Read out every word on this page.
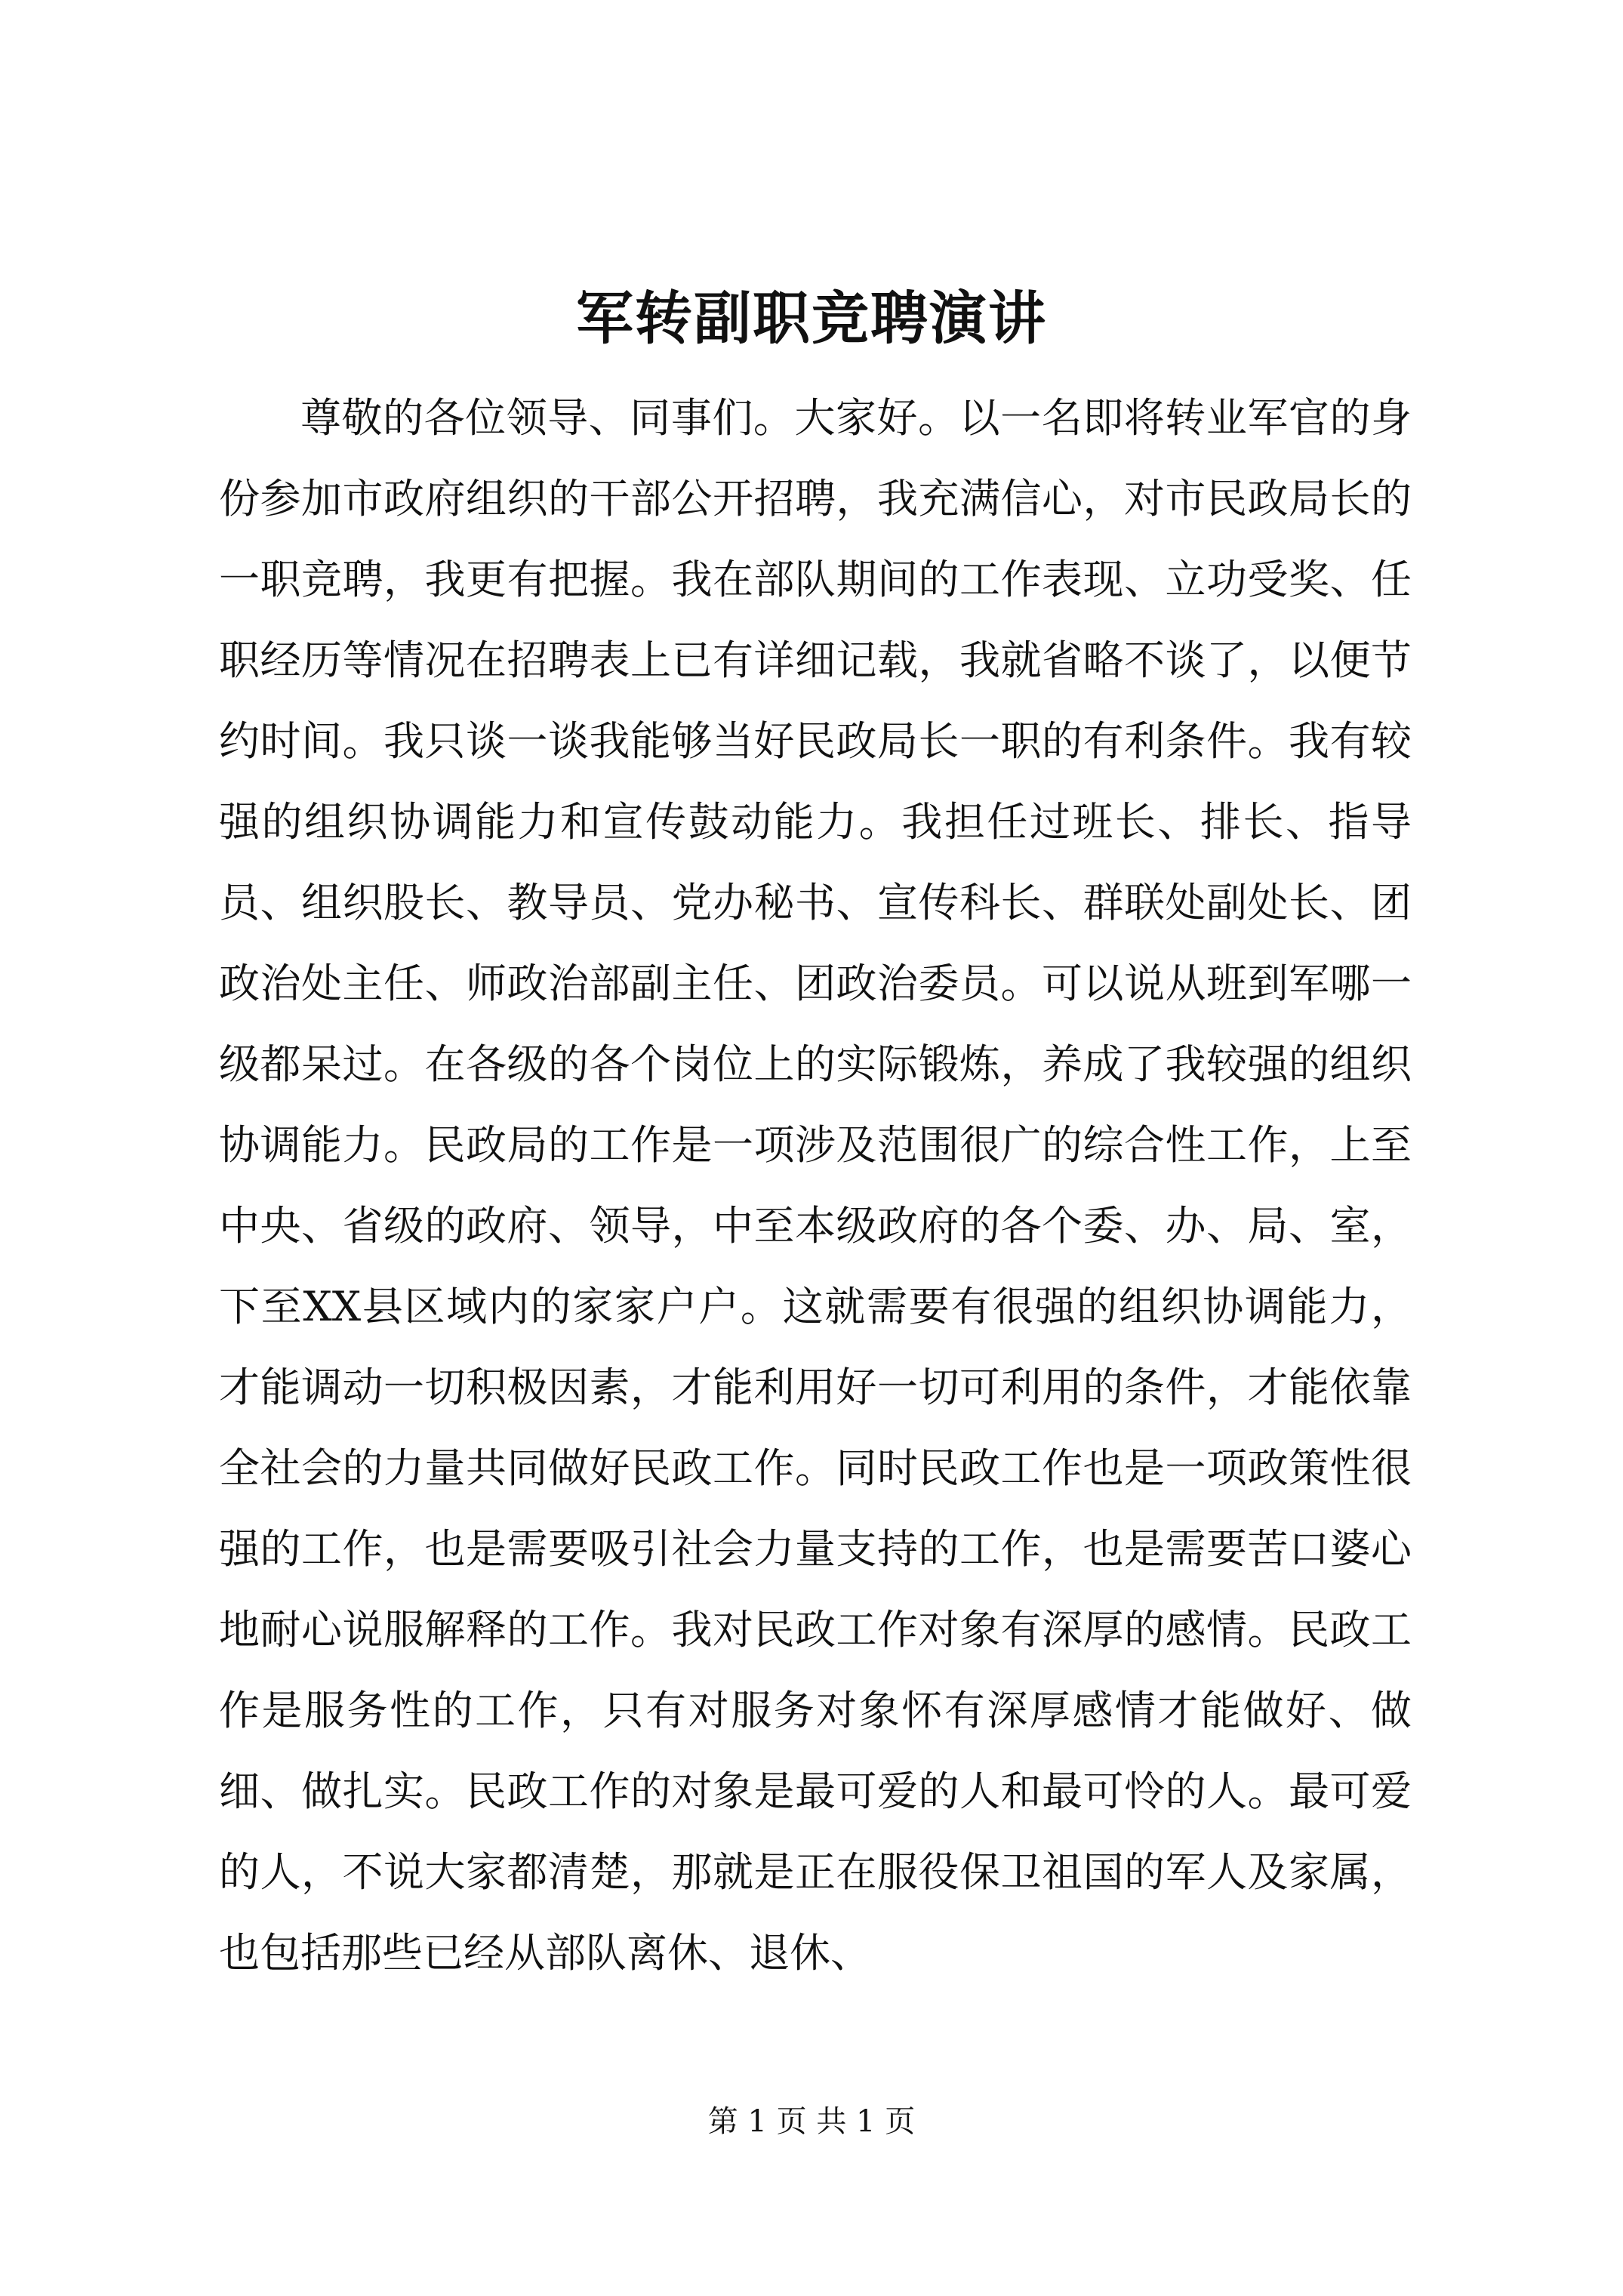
军转副职竞聘演讲

尊敬的各位领导、同事们。大家好。以一名即将转业军官的身份参加市政府组织的干部公开招聘，我充满信心，对市民政局长的一职竞聘，我更有把握。我在部队期间的工作表现、立功受奖、任职经历等情况在招聘表上已有详细记载，我就省略不谈了，以便节约时间。我只谈一谈我能够当好民政局长一职的有利条件。我有较强的组织协调能力和宣传鼓动能力。我担任过班长、排长、指导员、组织股长、教导员、党办秘书、宣传科长、群联处副处长、团政治处主任、师政治部副主任、团政治委员。可以说从班到军哪一级都呆过。在各级的各个岗位上的实际锻炼，养成了我较强的组织协调能力。民政局的工作是一项涉及范围很广的综合性工作，上至中央、省级的政府、领导，中至本级政府的各个委、办、局、室，下至XX县区域内的家家户户。这就需要有很强的组织协调能力，才能调动一切积极因素，才能利用好一切可利用的条件，才能依靠全社会的力量共同做好民政工作。同时民政工作也是一项政策性很强的工作，也是需要吸引社会力量支持的工作，也是需要苦口婆心地耐心说服解释的工作。我对民政工作对象有深厚的感情。民政工作是服务性的工作，只有对服务对象怀有深厚感情才能做好、做细、做扎实。民政工作的对象是最可爱的人和最可怜的人。最可爱的人，不说大家都清楚，那就是正在服役保卫祖国的军人及家属，也包括那些已经从部队离休、退休、

第 1 页 共 1 页
